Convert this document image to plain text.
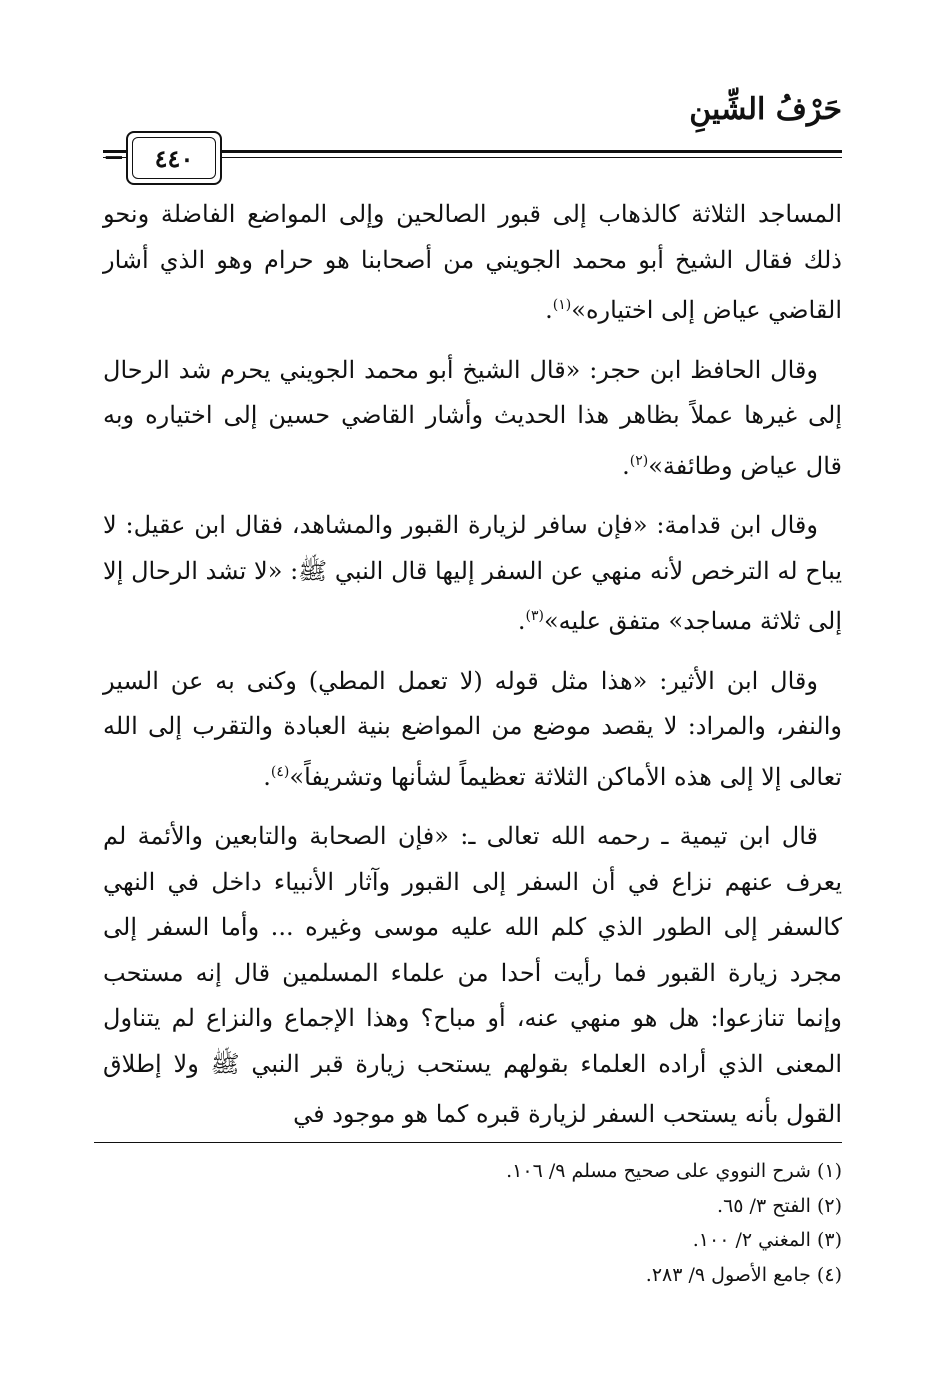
حَرْفُ الشِّينِ
=	٤٤٠

المساجد الثلاثة كالذهاب إلى قبور الصالحين وإلى المواضع الفاضلة ونحو ذلك فقال الشيخ أبو محمد الجويني من أصحابنا هو حرام وهو الذي أشار القاضي عياض إلى اختياره»$^{(١)}$.

وقال الحافظ ابن حجر: «قال الشيخ أبو محمد الجويني يحرم شد الرحال إلى غيرها عملاً بظاهر هذا الحديث وأشار القاضي حسين إلى اختياره وبه قال عياض وطائفة»$^{(٢)}$.

وقال ابن قدامة: «فإن سافر لزيارة القبور والمشاهد، فقال ابن عقيل: لا يباح له الترخص لأنه منهي عن السفر إليها قال النبي ﷺ: «لا تشد الرحال إلا إلى ثلاثة مساجد» متفق عليه»$^{(٣)}$.

وقال ابن الأثير: «هذا مثل قوله (لا تعمل المطي) وكنى به عن السير والنفر، والمراد: لا يقصد موضع من المواضع بنية العبادة والتقرب إلى الله تعالى إلا إلى هذه الأماكن الثلاثة تعظيماً لشأنها وتشريفاً»$^{(٤)}$.

قال ابن تيمية ـ رحمه الله تعالى ـ: «فإن الصحابة والتابعين والأئمة لم يعرف عنهم نزاع في أن السفر إلى القبور وآثار الأنبياء داخل في النهي كالسفر إلى الطور الذي كلم الله عليه موسى وغيره ... وأما السفر إلى مجرد زيارة القبور فما رأيت أحدا من علماء المسلمين قال إنه مستحب وإنما تنازعوا: هل هو منهي عنه، أو مباح؟ وهذا الإجماع والنزاع لم يتناول المعنى الذي أراده العلماء بقولهم يستحب زيارة قبر النبي ﷺ ولا إطلاق القول بأنه يستحب السفر لزيارة قبره كما هو موجود في

(١) شرح النووي على صحيح مسلم ٩/ ١٠٦.
(٢) الفتح ٣/ ٦٥.
(٣) المغني ٢/ ١٠٠.
(٤) جامع الأصول ٩/ ٢٨٣.
